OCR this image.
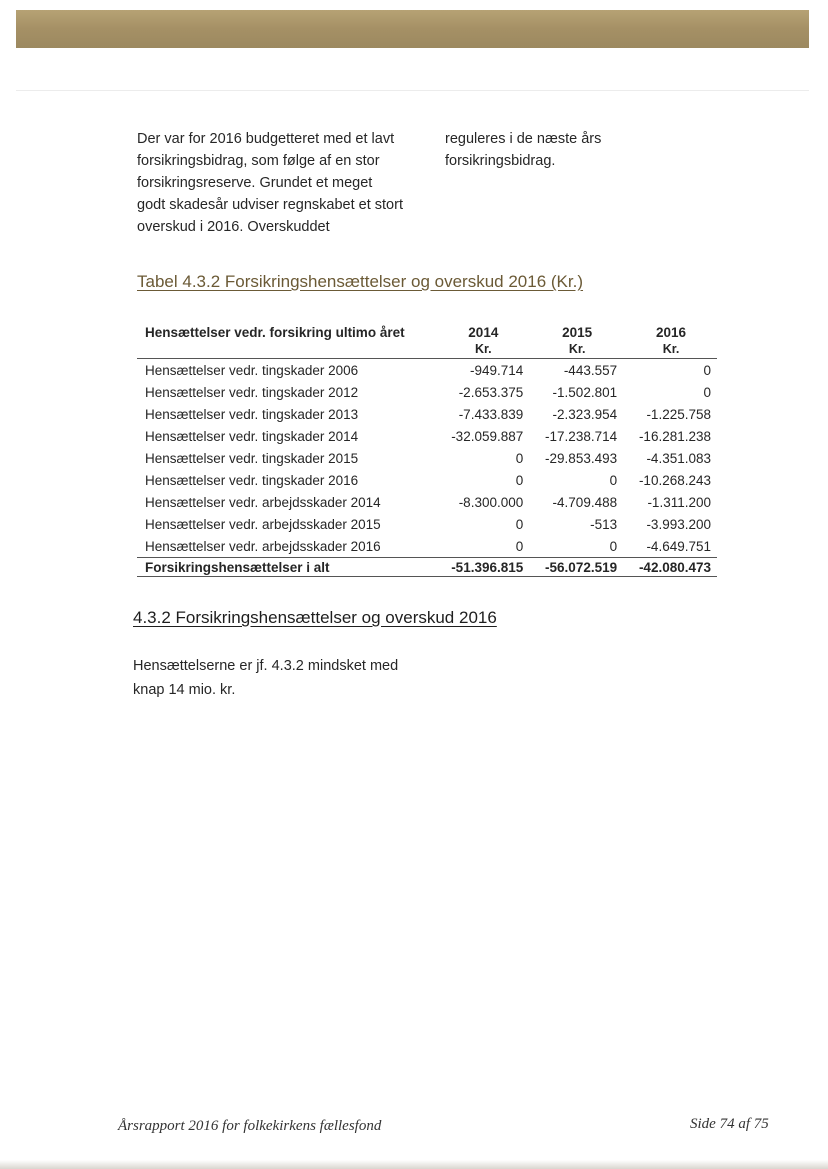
Der var for 2016 budgetteret med et lavt forsikringsbidrag, som følge af en stor forsikringsreserve. Grundet et meget godt skadesår udviser regnskabet et stort overskud i 2016. Overskuddet
reguleres i de næste års forsikringsbidrag.
Tabel 4.3.2 Forsikringshensættelser og overskud 2016 (Kr.)
Hensættelser vedr. forsikring ultimo året	2014	2015	2016
	Kr.	Kr.	Kr.
Hensættelser vedr. tingskader 2006	-949.714	-443.557	0
Hensættelser vedr. tingskader 2012	-2.653.375	-1.502.801	0
Hensættelser vedr. tingskader 2013	-7.433.839	-2.323.954	-1.225.758
Hensættelser vedr. tingskader 2014	-32.059.887	-17.238.714	-16.281.238
Hensættelser vedr. tingskader 2015	0	-29.853.493	-4.351.083
Hensættelser vedr. tingskader 2016	0	0	-10.268.243
Hensættelser vedr. arbejdsskader 2014	-8.300.000	-4.709.488	-1.311.200
Hensættelser vedr. arbejdsskader 2015	0	-513	-3.993.200
Hensættelser vedr. arbejdsskader 2016	0	0	-4.649.751
Forsikringshensættelser i alt	-51.396.815	-56.072.519	-42.080.473
4.3.2 Forsikringshensættelser og overskud 2016
Hensættelserne er jf. 4.3.2 mindsket med knap 14 mio. kr.
Årsrapport 2016 for folkekirkens fællesfond	Side 74 af 75
